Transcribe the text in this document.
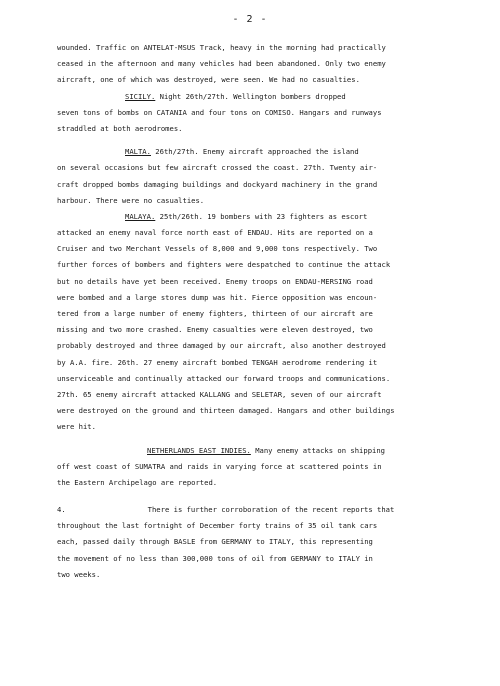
- 2 -
wounded. Traffic on ANTELAT-MSUS Track, heavy in the morning had practically
ceased in the afternoon and many vehicles had been abandoned. Only two enemy
aircraft, one of which was destroyed, were seen. We had no casualties.
SICILY. Night 26th/27th. Wellington bombers dropped
seven tons of bombs on CATANIA and four tons on COMISO. Hangars and runways
straddled at both aerodromes.
MALTA. 26th/27th. Enemy aircraft approached the island
on several occasions but few aircraft crossed the coast. 27th. Twenty air-
craft dropped bombs damaging buildings and dockyard machinery in the grand
harbour. There were no casualties.
MALAYA. 25th/26th. 19 bombers with 23 fighters as escort
attacked an enemy naval force north east of ENDAU. Hits are reported on a
Cruiser and two Merchant Vessels of 8,000 and 9,000 tons respectively. Two
further forces of bombers and fighters were despatched to continue the attack
but no details have yet been received. Enemy troops on ENDAU-MERSING road
were bombed and a large stores dump was hit. Fierce opposition was encoun-
tered from a large number of enemy fighters, thirteen of our aircraft are
missing and two more crashed. Enemy casualties were eleven destroyed, two
probably destroyed and three damaged by our aircraft, also another destroyed
by A.A. fire. 26th. 27 enemy aircraft bombed TENGAH aerodrome rendering it
unserviceable and continually attacked our forward troops and communications.
27th. 65 enemy aircraft attacked KALLANG and SELETAR, seven of our aircraft
were destroyed on the ground and thirteen damaged. Hangars and other buildings
were hit.
NETHERLANDS EAST INDIES. Many enemy attacks on shipping
off west coast of SUMATRA and raids in varying force at scattered points in
the Eastern Archipelago are reported.
4.	There is further corroboration of the recent reports that
throughout the last fortnight of December forty trains of 35 oil tank cars
each, passed daily through BASLE from GERMANY to ITALY, this representing
the movement of no less than 300,000 tons of oil from GERMANY to ITALY in
two weeks.
